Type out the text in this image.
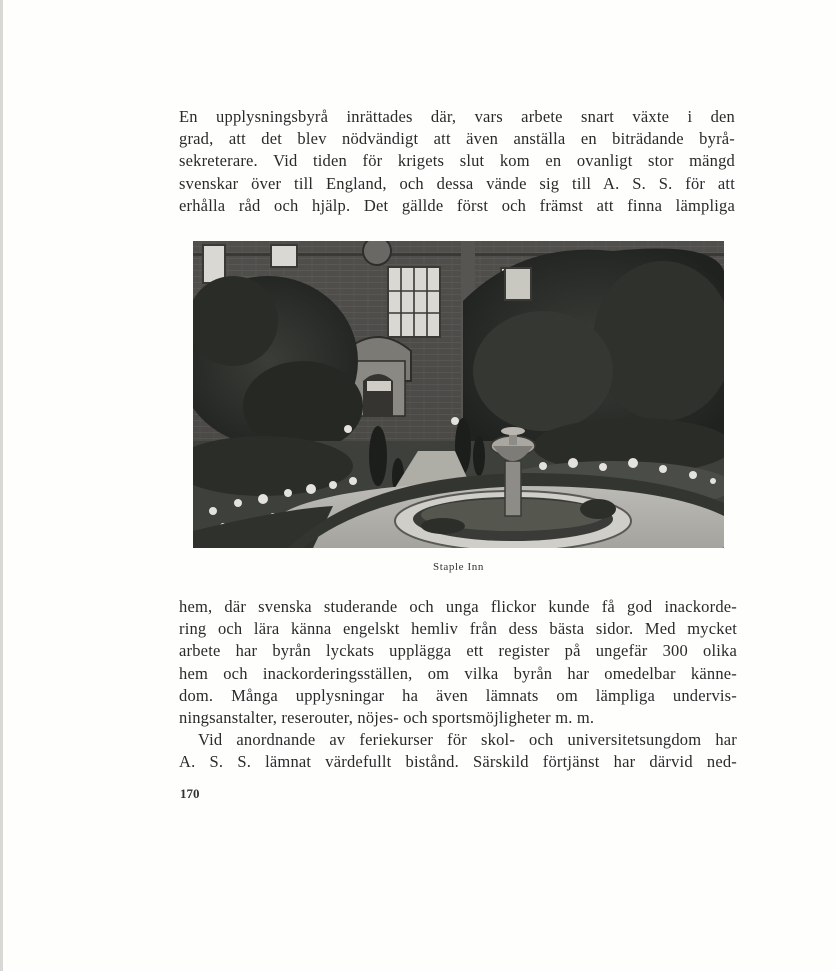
En upplysningsbyrå inrättades där, vars arbete snart växte i den
grad, att det blev nödvändigt att även anställa en biträdande byrå-
sekreterare. Vid tiden för krigets slut kom en ovanligt stor mängd
svenskar över till England, och dessa vände sig till A. S. S. för att
erhålla råd och hjälp. Det gällde först och främst att finna lämpliga

Staple Inn

hem, där svenska studerande och unga flickor kunde få god inackorde-
ring och lära känna engelskt hemliv från dess bästa sidor. Med mycket
arbete har byrån lyckats upplägga ett register på ungefär 300 olika
hem och inackorderingsställen, om vilka byrån har omedelbar känne-
dom. Många upplysningar ha även lämnats om lämpliga undervis-
ningsanstalter, reserouter, nöjes- och sportsmöjligheter m. m.
Vid anordnande av feriekurser för skol- och universitetsungdom har
A. S. S. lämnat värdefullt bistånd. Särskild förtjänst har därvid ned-

170
